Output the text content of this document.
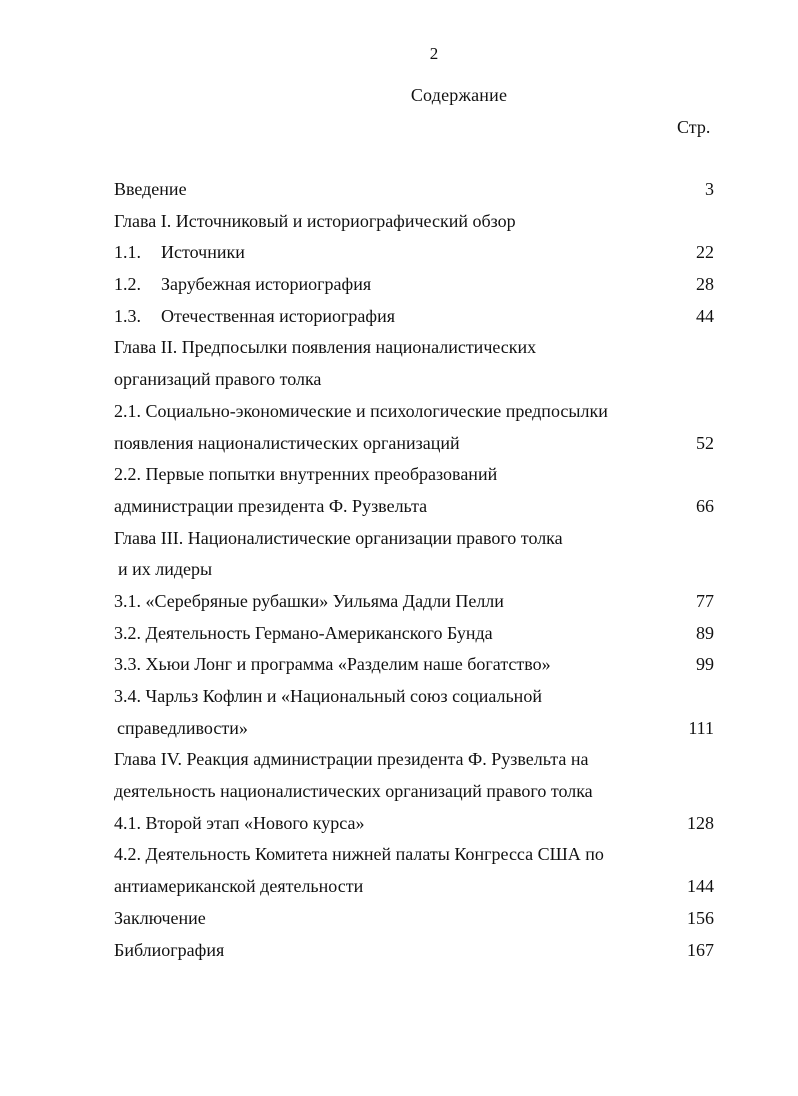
2
Содержание
Стр.
Введение	3
Глава I. Источниковый и историографический обзор
1.1. Источники	22
1.2. Зарубежная историография	28
1.3. Отечественная историография	44
Глава II. Предпосылки появления националистических
организаций правого толка
2.1. Социально-экономические и психологические предпосылки
появления националистических организаций	52
2.2. Первые попытки внутренних преобразований
администрации президента Ф. Рузвельта	66
Глава III. Националистические организации правого толка
и их лидеры
3.1. «Серебряные рубашки» Уильяма Дадли Пелли	77
3.2. Деятельность Германо-Американского Бунда	89
3.3. Хьюи Лонг и программа «Разделим наше богатство»	99
3.4. Чарльз Кофлин и «Национальный союз социальной
справедливости»	111
Глава IV. Реакция администрации президента Ф. Рузвельта на
деятельность националистических организаций правого толка
4.1. Второй этап «Нового курса»	128
4.2. Деятельность Комитета нижней палаты Конгресса США по
антиамериканской деятельности	144
Заключение	156
Библиография	167
